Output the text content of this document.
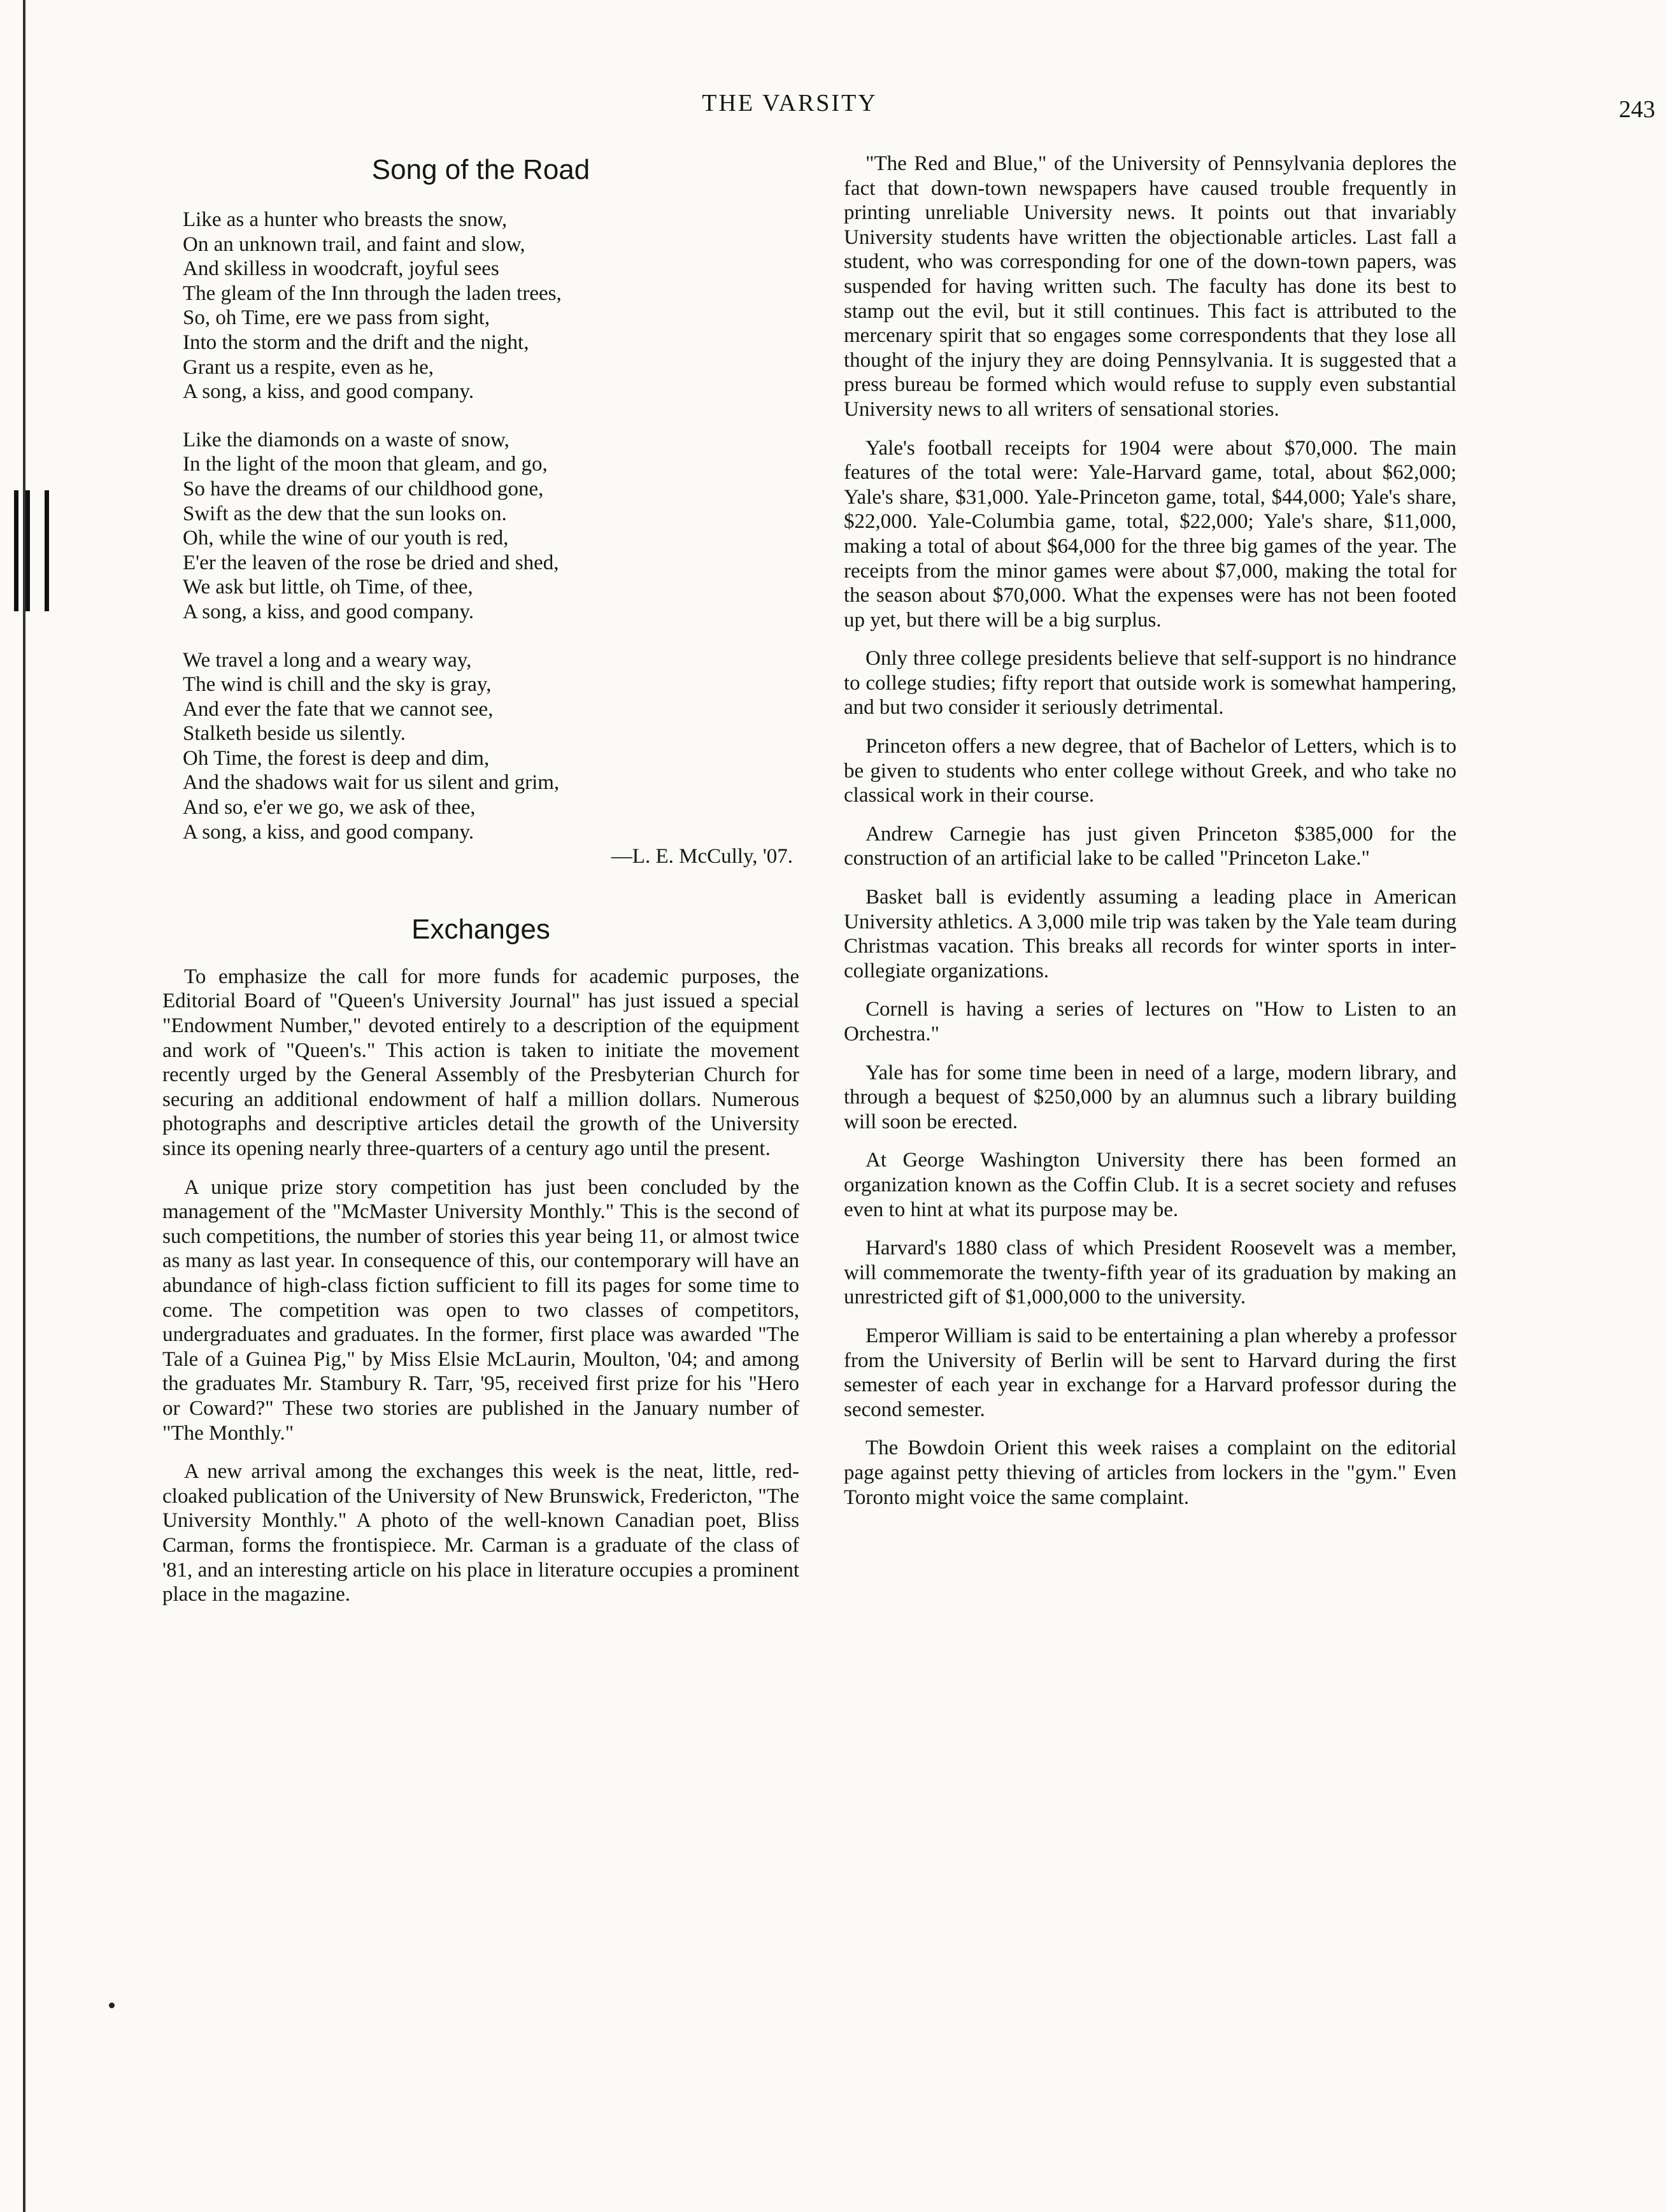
THE VARSITY	243
Song of the Road
Like as a hunter who breasts the snow,
On an unknown trail, and faint and slow,
And skilless in woodcraft, joyful sees
The gleam of the Inn through the laden trees,
So, oh Time, ere we pass from sight,
Into the storm and the drift and the night,
Grant us a respite, even as he,
A song, a kiss, and good company.
Like the diamonds on a waste of snow,
In the light of the moon that gleam, and go,
So have the dreams of our childhood gone,
Swift as the dew that the sun looks on.
Oh, while the wine of our youth is red,
E'er the leaven of the rose be dried and shed,
We ask but little, oh Time, of thee,
A song, a kiss, and good company.
We travel a long and a weary way,
The wind is chill and the sky is gray,
And ever the fate that we cannot see,
Stalketh beside us silently.
Oh Time, the forest is deep and dim,
And the shadows wait for us silent and grim,
And so, e'er we go, we ask of thee,
A song, a kiss, and good company.
—L. E. McCully, '07.
Exchanges

To emphasize the call for more funds for academic purposes, the Editorial Board of "Queen's University Journal" has just issued a special "Endowment Number," devoted entirely to a description of the equipment and work of "Queen's." This action is taken to initiate the movement recently urged by the General Assembly of the Presbyterian Church for securing an additional endowment of half a million dollars. Numerous photographs and descriptive articles detail the growth of the University since its opening nearly three-quarters of a century ago until the present.

A unique prize story competition has just been concluded by the management of the "McMaster University Monthly." This is the second of such competitions, the number of stories this year being 11, or almost twice as many as last year. In consequence of this, our contemporary will have an abundance of high-class fiction sufficient to fill its pages for some time to come. The competition was open to two classes of competitors, undergraduates and graduates. In the former, first place was awarded "The Tale of a Guinea Pig," by Miss Elsie McLaurin, Moulton, '04; and among the graduates Mr. Stambury R. Tarr, '95, received first prize for his "Hero or Coward?" These two stories are published in the January number of "The Monthly."

A new arrival among the exchanges this week is the neat, little, red-cloaked publication of the University of New Brunswick, Fredericton, "The University Monthly." A photo of the well-known Canadian poet, Bliss Carman, forms the frontispiece. Mr. Carman is a graduate of the class of '81, and an interesting article on his place in literature occupies a prominent place in the magazine.

"The Red and Blue," of the University of Pennsylvania deplores the fact that down-town newspapers have caused trouble frequently in printing unreliable University news. It points out that invariably University students have written the objectionable articles. Last fall a student, who was corresponding for one of the down-town papers, was suspended for having written such. The faculty has done its best to stamp out the evil, but it still continues. This fact is attributed to the mercenary spirit that so engages some correspondents that they lose all thought of the injury they are doing Pennsylvania. It is suggested that a press bureau be formed which would refuse to supply even substantial University news to all writers of sensational stories.

Yale's football receipts for 1904 were about $70,000. The main features of the total were: Yale-Harvard game, total, about $62,000; Yale's share, $31,000. Yale-Princeton game, total, $44,000; Yale's share, $22,000. Yale-Columbia game, total, $22,000; Yale's share, $11,000, making a total of about $64,000 for the three big games of the year. The receipts from the minor games were about $7,000, making the total for the season about $70,000. What the expenses were has not been footed up yet, but there will be a big surplus.

Only three college presidents believe that self-support is no hindrance to college studies; fifty report that outside work is somewhat hampering, and but two consider it seriously detrimental.

Princeton offers a new degree, that of Bachelor of Letters, which is to be given to students who enter college without Greek, and who take no classical work in their course.

Andrew Carnegie has just given Princeton $385,000 for the construction of an artificial lake to be called "Princeton Lake."

Basket ball is evidently assuming a leading place in American University athletics. A 3,000 mile trip was taken by the Yale team during Christmas vacation. This breaks all records for winter sports in inter-collegiate organizations.

Cornell is having a series of lectures on "How to Listen to an Orchestra."

Yale has for some time been in need of a large, modern library, and through a bequest of $250,000 by an alumnus such a library building will soon be erected.

At George Washington University there has been formed an organization known as the Coffin Club. It is a secret society and refuses even to hint at what its purpose may be.

Harvard's 1880 class of which President Roosevelt was a member, will commemorate the twenty-fifth year of its graduation by making an unrestricted gift of $1,000,000 to the university.

Emperor William is said to be entertaining a plan whereby a professor from the University of Berlin will be sent to Harvard during the first semester of each year in exchange for a Harvard professor during the second semester.

The Bowdoin Orient this week raises a complaint on the editorial page against petty thieving of articles from lockers in the "gym." Even Toronto might voice the same complaint.
